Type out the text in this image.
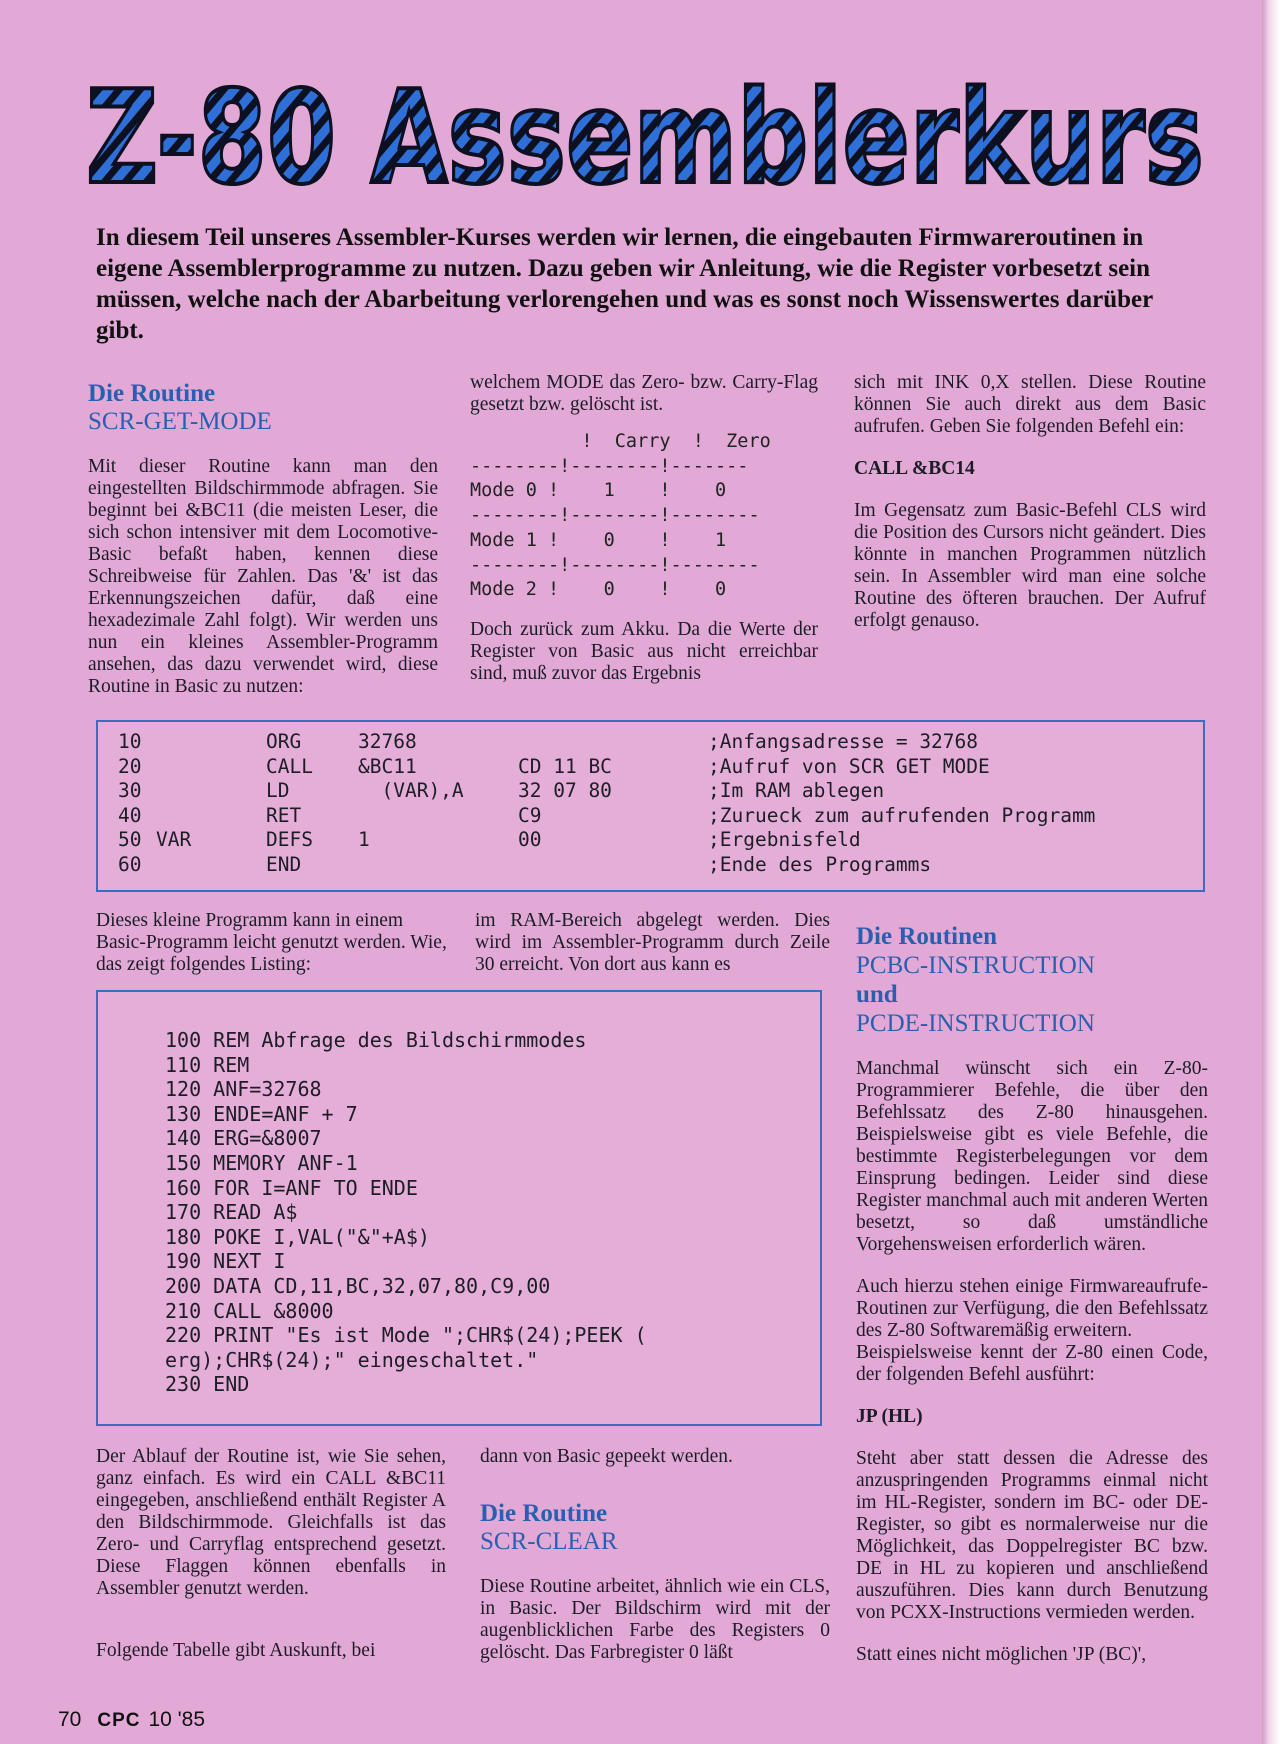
Z-80 Assemblerkurs
In diesem Teil unseres Assembler-Kurses werden wir lernen, die eingebauten Firmwareroutinen in eigene Assemblerprogramme zu nutzen. Dazu geben wir Anleitung, wie die Register vorbesetzt sein müssen, welche nach der Abarbeitung verlorengehen und was es sonst noch Wissenswertes darüber gibt.
Die Routine
SCR-GET-MODE

Mit dieser Routine kann man den eingestellten Bildschirmmode abfragen. Sie beginnt bei &BC11 (die meisten Leser, die sich schon intensiver mit dem Locomotive-Basic befaßt haben, kennen diese Schreibweise für Zahlen. Das '&' ist das Erkennungszeichen dafür, daß eine hexadezimale Zahl folgt). Wir werden uns nun ein kleines Assembler-Programm ansehen, das dazu verwendet wird, diese Routine in Basic zu nutzen:

welchem MODE das Zero- bzw. Carry-Flag gesetzt bzw. gelöscht ist.

!  Carry  !  Zero
--------!--------!-------
Mode 0 !    1    !    0
--------!--------!--------
Mode 1 !    0    !    1
--------!--------!--------
Mode 2 !    0    !    0

Doch zurück zum Akku. Da die Werte der Register von Basic aus nicht erreichbar sind, muß zuvor das Ergebnis

sich mit INK 0,X stellen. Diese Routine können Sie auch direkt aus dem Basic aufrufen. Geben Sie folgenden Befehl ein:

CALL &BC14

Im Gegensatz zum Basic-Befehl CLS wird die Position des Cursors nicht geändert. Dies könnte in manchen Programmen nützlich sein. In Assembler wird man eine solche Routine des öfteren brauchen. Der Aufruf erfolgt genauso.

10	ORG	32768	;Anfangsadresse = 32768
20	CALL &BC11	CD 11 BC	;Aufruf von SCR GET MODE
30	LD	(VAR),A	32 07 80	;Im RAM ablegen
40	RET	C9	;Zurueck zum aufrufenden Programm
50 VAR	DEFS 1	00	;Ergebnisfeld
60	END	;Ende des Programms

Dieses kleine Programm kann in einem Basic-Programm leicht genutzt werden. Wie, das zeigt folgendes Listing:

im RAM-Bereich abgelegt werden. Dies wird im Assembler-Programm durch Zeile 30 erreicht. Von dort aus kann es

100 REM Abfrage des Bildschirmmodes
110 REM
120 ANF=32768
130 ENDE=ANF + 7
140 ERG=&8007
150 MEMORY ANF-1
160 FOR I=ANF TO ENDE
170 READ A$
180 POKE I,VAL("&"+A$)
190 NEXT I
200 DATA CD,11,BC,32,07,80,C9,00
210 CALL &8000
220 PRINT "Es ist Mode ";CHR$(24);PEEK (
erg);CHR$(24);" eingeschaltet."
230 END
Die Routinen
PCBC-INSTRUCTION
und
PCDE-INSTRUCTION

Manchmal wünscht sich ein Z-80-Programmierer Befehle, die über den Befehlssatz des Z-80 hinausgehen. Beispielsweise gibt es viele Befehle, die bestimmte Registerbelegungen vor dem Einsprung bedingen. Leider sind diese Register manchmal auch mit anderen Werten besetzt, so daß umständliche Vorgehensweisen erforderlich wären.

Auch hierzu stehen einige Firmwareaufrufe-Routinen zur Verfügung, die den Befehlssatz des Z-80 Softwaremäßig erweitern.

Beispielsweise kennt der Z-80 einen Code, der folgenden Befehl ausführt:

JP (HL)

Steht aber statt dessen die Adresse des anzuspringenden Programms einmal nicht im HL-Register, sondern im BC- oder DE-Register, so gibt es normalerweise nur die Möglichkeit, das Doppelregister BC bzw. DE in HL zu kopieren und anschließend auszuführen. Dies kann durch Benutzung von PCXX-Instructions vermieden werden.

Statt eines nicht möglichen 'JP (BC)',

Der Ablauf der Routine ist, wie Sie sehen, ganz einfach. Es wird ein CALL &BC11 eingegeben, anschließend enthält Register A den Bildschirmmode. Gleichfalls ist das Zero- und Carryflag entsprechend gesetzt. Diese Flaggen können ebenfalls in Assembler genutzt werden.

Folgende Tabelle gibt Auskunft, bei

dann von Basic gepeekt werden.

Die Routine
SCR-CLEAR

Diese Routine arbeitet, ähnlich wie ein CLS, in Basic. Der Bildschirm wird mit der augenblicklichen Farbe des Registers 0 gelöscht. Das Farbregister 0 läßt

70 CPC 10 '85
